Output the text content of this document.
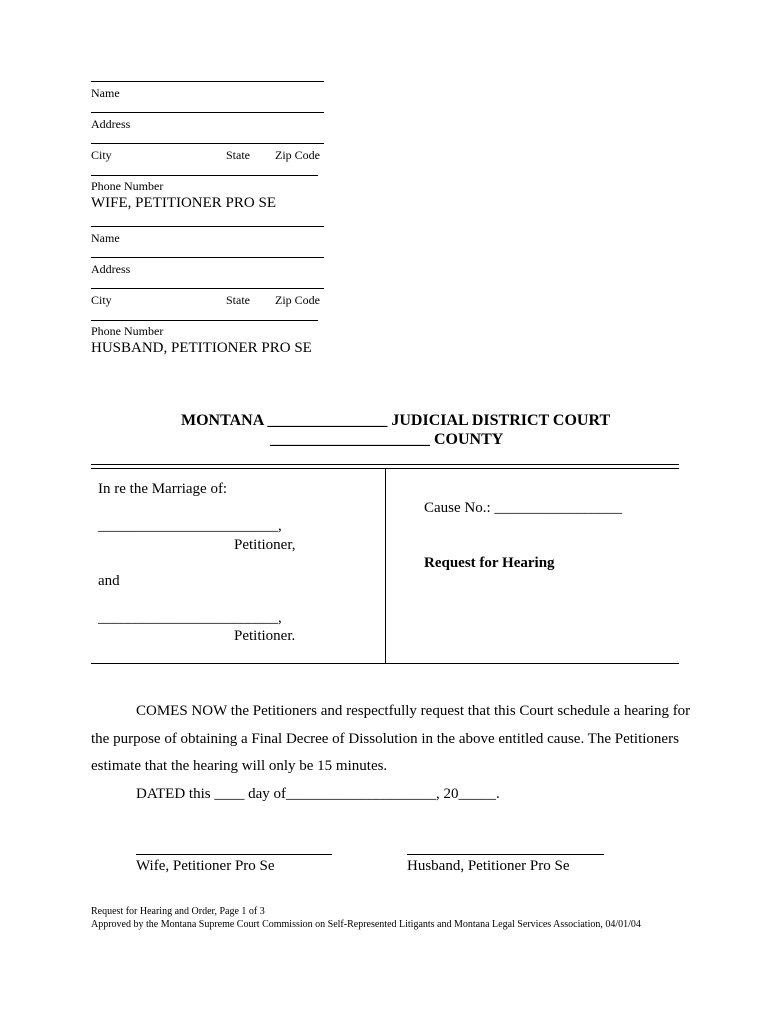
Name
Address
City	State Zip Code
Phone Number
WIFE, PETITIONER PRO SE
Name
Address
City	State Zip Code
Phone Number
HUSBAND, PETITIONER PRO SE
MONTANA _______________ JUDICIAL DISTRICT COURT
____________________ COUNTY
In re the Marriage of:
________________________,
Petitioner,
and
________________________,
Petitioner.
Cause No.: _________________
Request for Hearing
COMES NOW the Petitioners and respectfully request that this Court schedule a hearing for
the purpose of obtaining a Final Decree of Dissolution in the above entitled cause. The Petitioners
estimate that the hearing will only be 15 minutes.
DATED this ____ day of____________________, 20_____.
Wife, Petitioner Pro Se	Husband, Petitioner Pro Se
Request for Hearing and Order, Page 1 of 3
Approved by the Montana Supreme Court Commission on Self-Represented Litigants and Montana Legal Services Association, 04/01/04
